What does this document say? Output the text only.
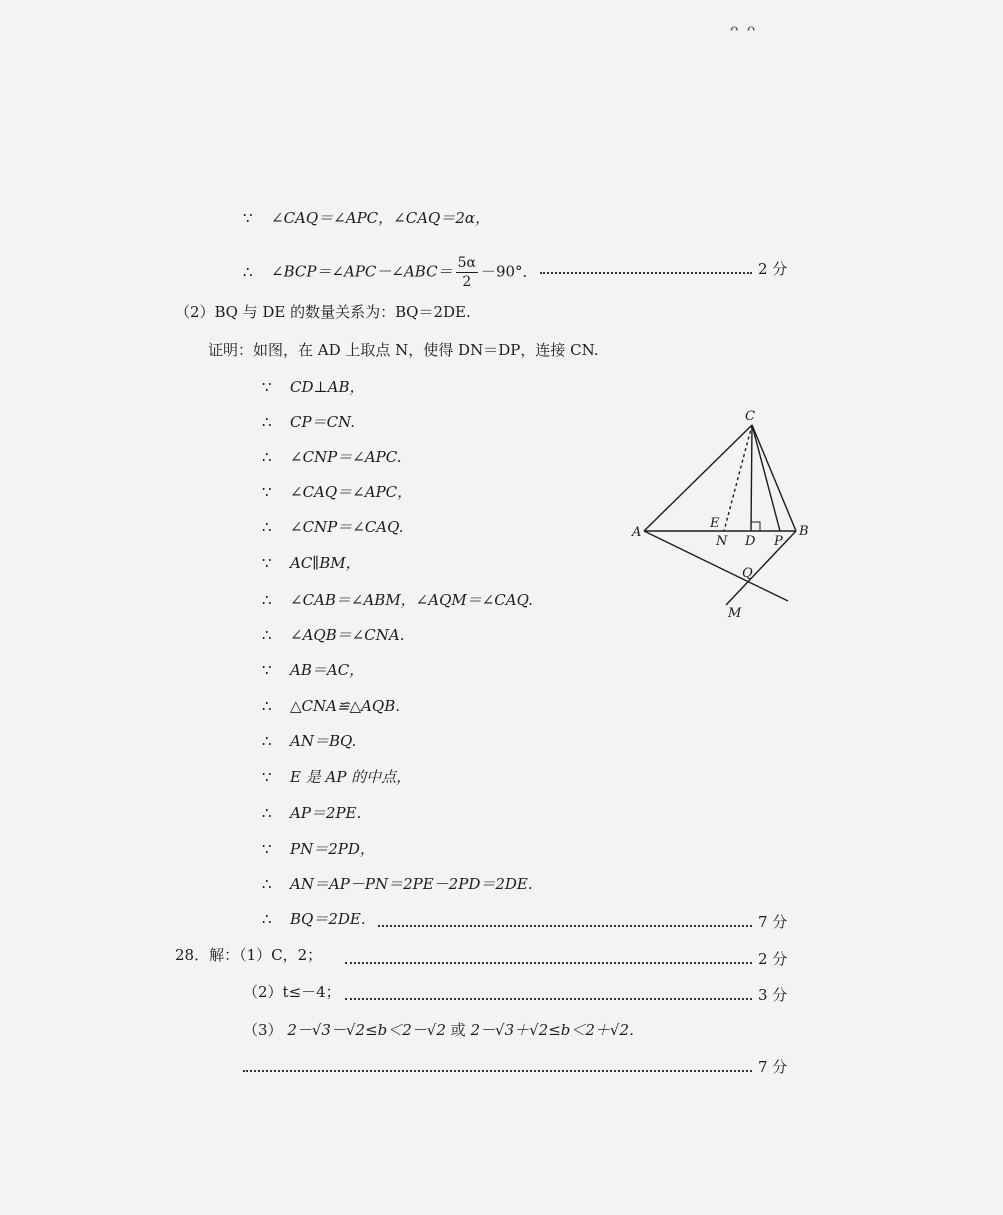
ᴖ ᴖ
∵ ∠CAQ＝∠APC，∠CAQ＝2α，
∴ ∠BCP＝∠APC－∠ABC＝ $\frac{5\alpha}{2} -90^\circ$．	2 分
（2）BQ 与 DE 的数量关系为：BQ＝2DE.
证明：如图，在 AD 上取点 N，使得 DN＝DP，连接 CN.
∵ CD⊥AB，
∴ CP＝CN.
∴ ∠CNP＝∠APC.
∵ ∠CAQ＝∠APC，
∴ ∠CNP＝∠CAQ.
∵ AC∥BM，
∴ ∠CAB＝∠ABM，∠AQM＝∠CAQ.
∴ ∠AQB＝∠CNA.
∵ AB＝AC，
∴ △CNA≌△AQB.
∴ AN＝BQ.
∵ E 是 AP 的中点，
∴ AP＝2PE.
∵ PN＝2PD，
∴ AN＝AP－PN＝2PE－2PD＝2DE.
∴ BQ＝2DE.	7 分
28．解：（1）C，2；	2 分
（2）t≤－4；	3 分
（3） 2－√3－√2≤b＜2－√2 或 2－√3＋√2≤b＜2＋√2．
7 分
C
A	B
E
N D P
Q
M
